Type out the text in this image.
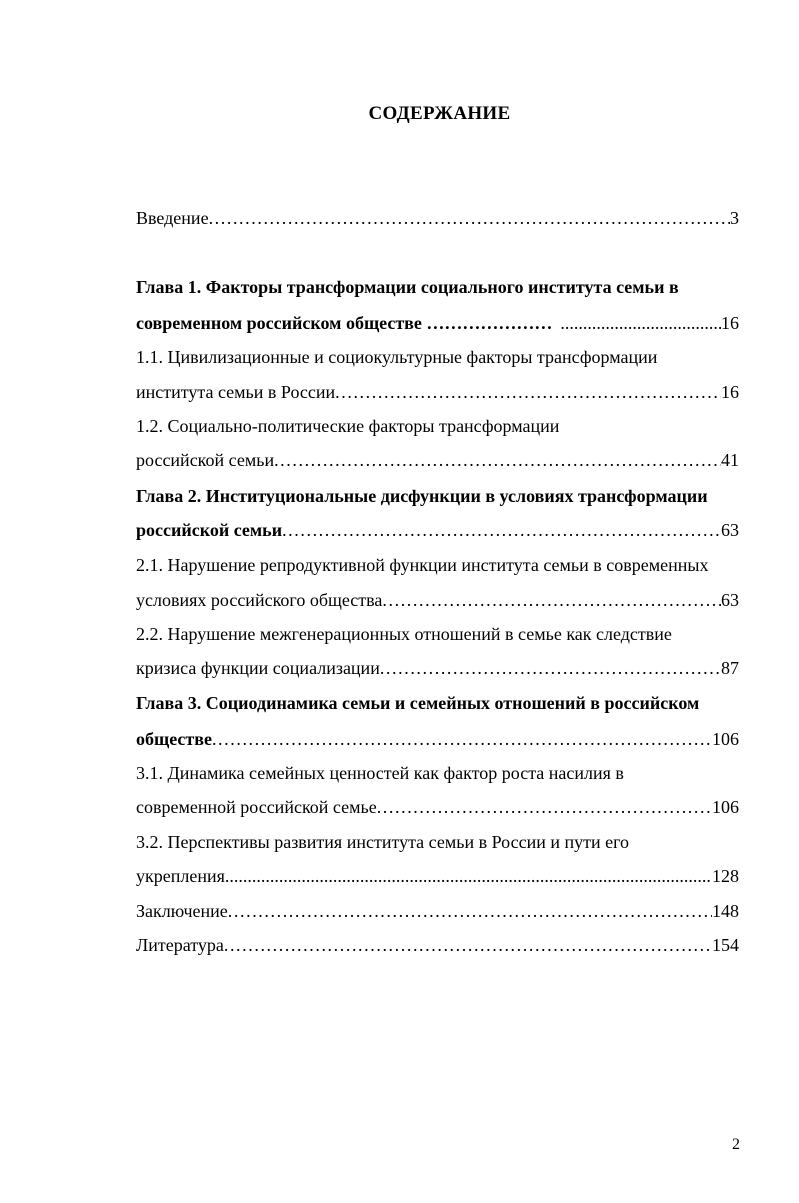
СОДЕРЖАНИЕ
Введение .....	3
Глава 1. Факторы трансформации социального института семьи в
современном российском обществе ………………… .....	16
1.1. Цивилизационные и социокультурные факторы трансформации
института семьи в России .....	16
1.2. Социально-политические факторы трансформации
российской семьи .....	41
Глава 2. Институциональные дисфункции в условиях трансформации
российской семьи .....	63
2.1. Нарушение репродуктивной функции института семьи в современных
условиях российского общества .....	63
2.2. Нарушение межгенерационных отношений в семье как следствие
кризиса функции социализации .....	87
Глава 3. Социодинамика семьи и семейных отношений в российском
обществе .....	106
3.1. Динамика семейных ценностей как фактор роста насилия в
современной российской семье .....	106
3.2. Перспективы развития института семьи в России и пути его
укрепления .....	128
Заключение .....	148
Литература .....	154
2
